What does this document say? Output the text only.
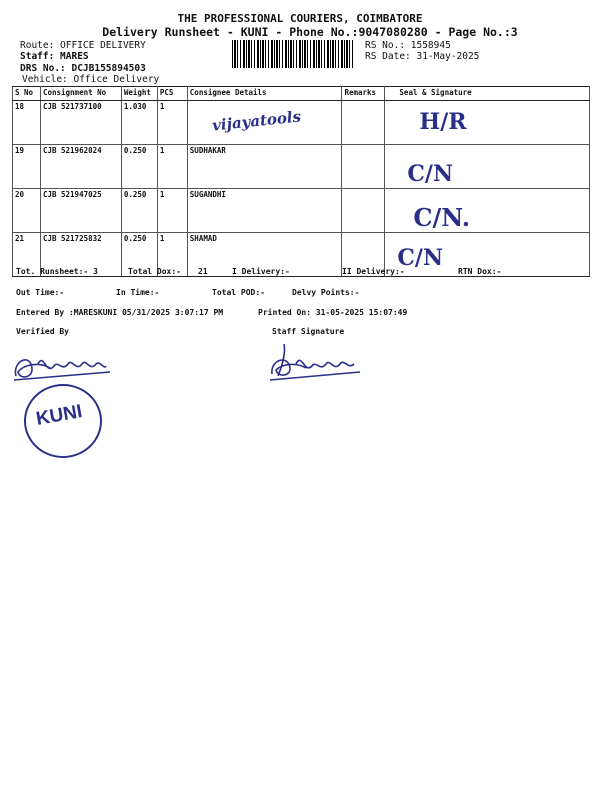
THE PROFESSIONAL COURIERS, COIMBATORE
Delivery Runsheet - KUNI - Phone No.:9047080280 - Page No.:3
Route: OFFICE DELIVERY
Staff: MARES
DRS No.: DCJB155894503
Vehicle: Office Delivery
RS No.: 1558945
RS Date: 31-May-2025
S No	Consignment No	Weight	PCS	Consignee Details	Remarks	Seal & Signature
18	CJB 521737100	1.030	1	vijayatools		H/R

19	CJB 521962024	0.250	1	SUDHAKAR		C/N

20	CJB 521947025	0.250	1	SUGANDHI		C/N.

21	CJB 521725832	0.250	1	SHAMAD		C/N
Tot. Runsheet:- 3	Total Dox:- 21	I Delivery:-	II Delivery:-	RTN Dox:-
Out Time:-	In Time:-	Total POD:-	Delvy Points:-
Entered By :MARESKUNI 05/31/2025 3:07:17 PM	Printed On: 31-05-2025 15:07:49
Verified By	Staff Signature
KUNI
